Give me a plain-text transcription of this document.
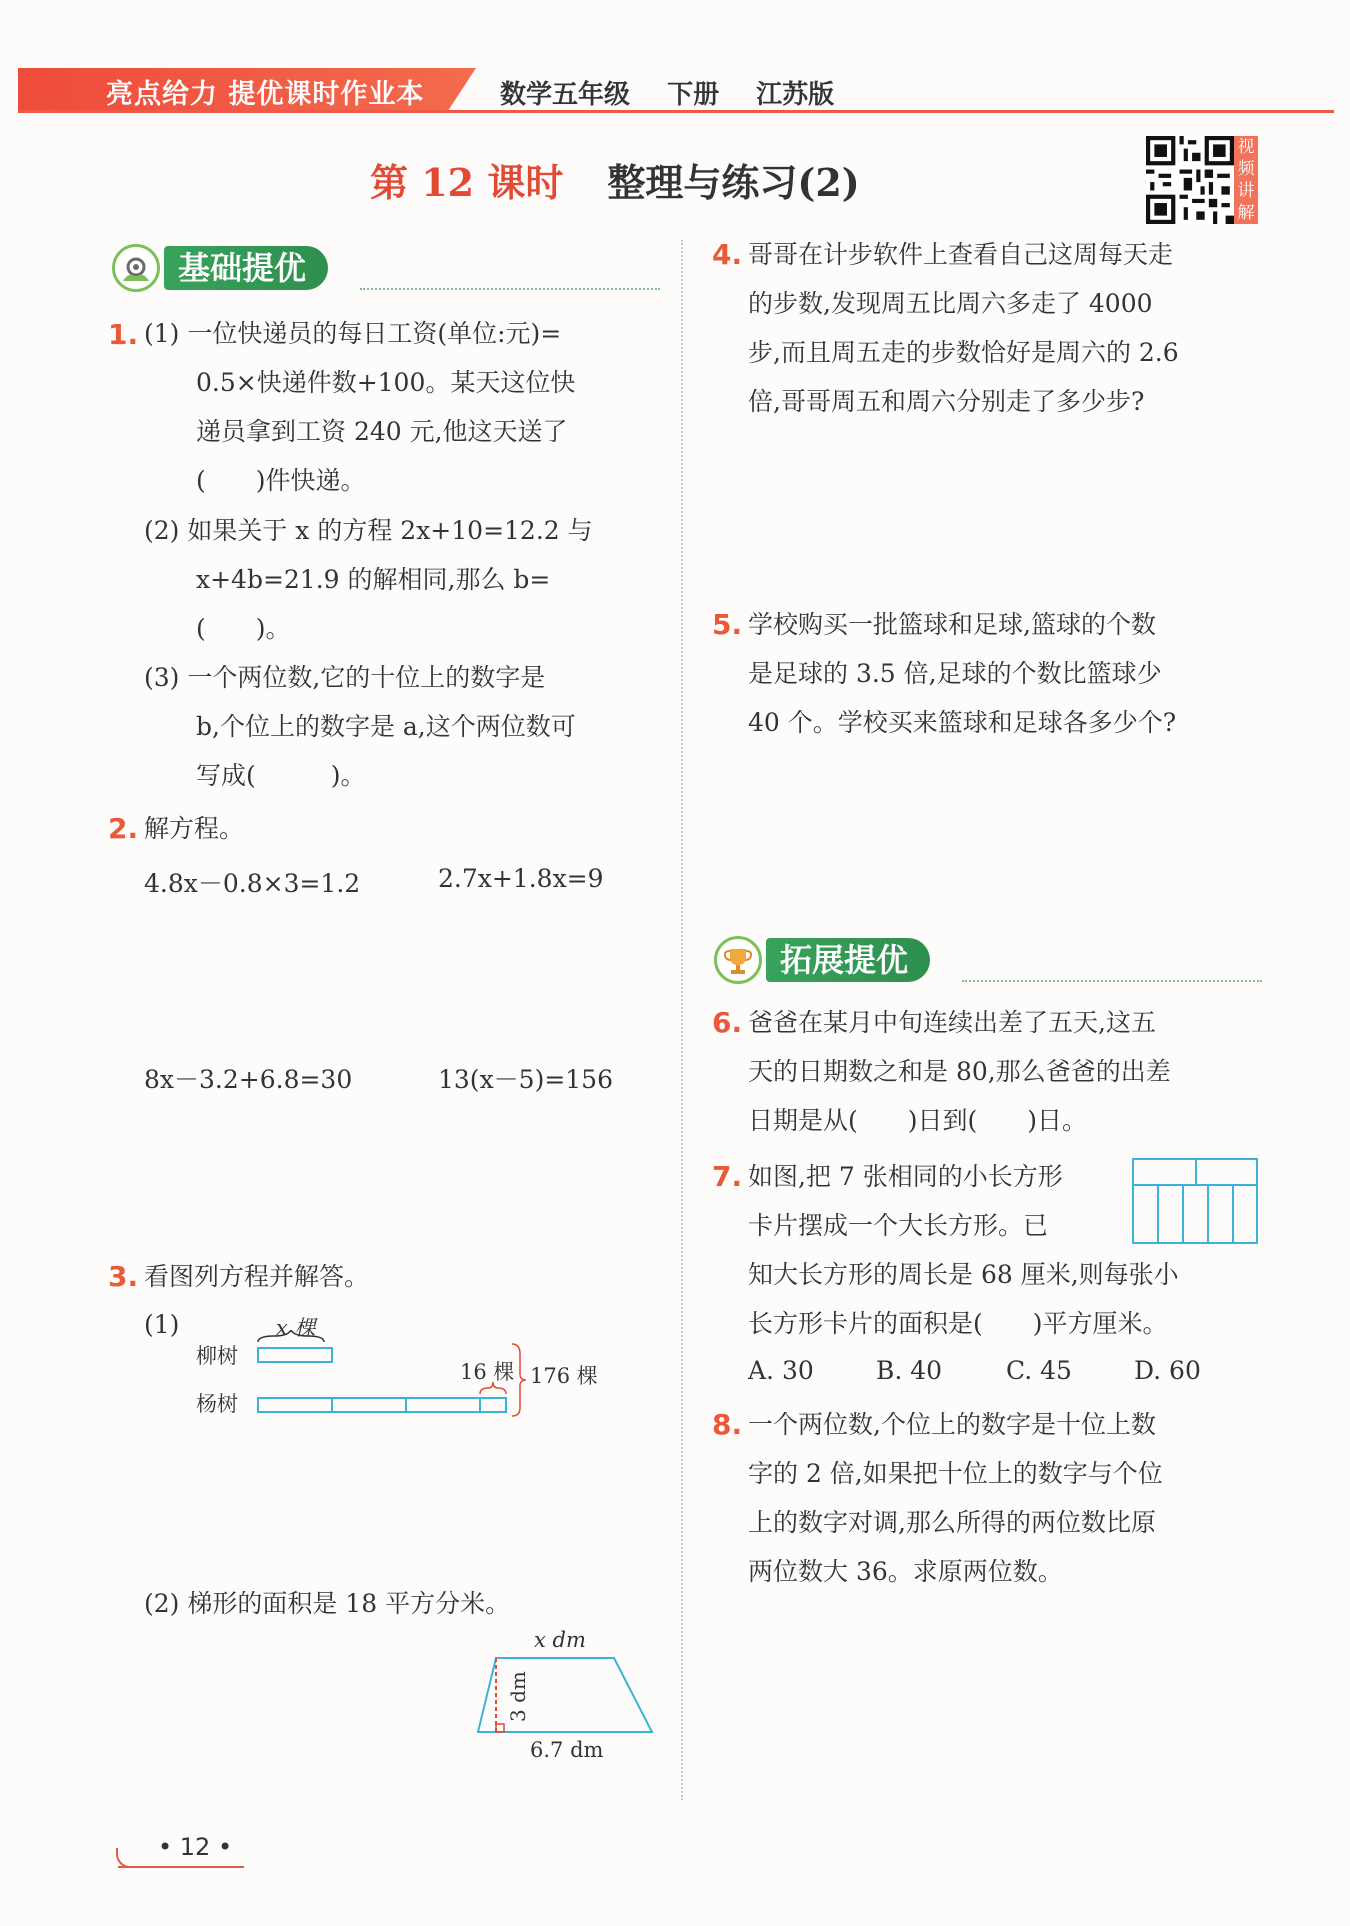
亮点给力 提优课时作业本	数学五年级 下册 江苏版
第 12 课时 整理与练习(2)
视频讲解
基础提优
1. (1) 一位快递员的每日工资(单位:元)=
0.5×快递件数+100。某天这位快
递员拿到工资 240 元,他这天送了
(　　)件快递。
(2) 如果关于 x 的方程 2x+10=12.2 与
x+4b=21.9 的解相同,那么 b=
(　　)。
(3) 一个两位数,它的十位上的数字是
b,个位上的数字是 a,这个两位数可
写成(　　　)。
2. 解方程。
4.8x－0.8×3=1.2	2.7x+1.8x=9
8x－3.2+6.8=30	13(x－5)=156
3. 看图列方程并解答。
(1)
柳树
杨树
x 棵
16 棵 176 棵
(2) 梯形的面积是 18 平方分米。
x dm
3 dm
6.7 dm
4. 哥哥在计步软件上查看自己这周每天走
的步数,发现周五比周六多走了 4000
步,而且周五走的步数恰好是周六的 2.6
倍,哥哥周五和周六分别走了多少步?
5. 学校购买一批篮球和足球,篮球的个数
是足球的 3.5 倍,足球的个数比篮球少
40 个。学校买来篮球和足球各多少个?
拓展提优
6. 爸爸在某月中旬连续出差了五天,这五
天的日期数之和是 80,那么爸爸的出差
日期是从(　　)日到(　　)日。
7. 如图,把 7 张相同的小长方形
卡片摆成一个大长方形。已
知大长方形的周长是 68 厘米,则每张小
长方形卡片的面积是(　　)平方厘米。
A. 30 B. 40	C. 45 D. 60
8. 一个两位数,个位上的数字是十位上数
字的 2 倍,如果把十位上的数字与个位
上的数字对调,那么所得的两位数比原
两位数大 36。求原两位数。
• 12 •
